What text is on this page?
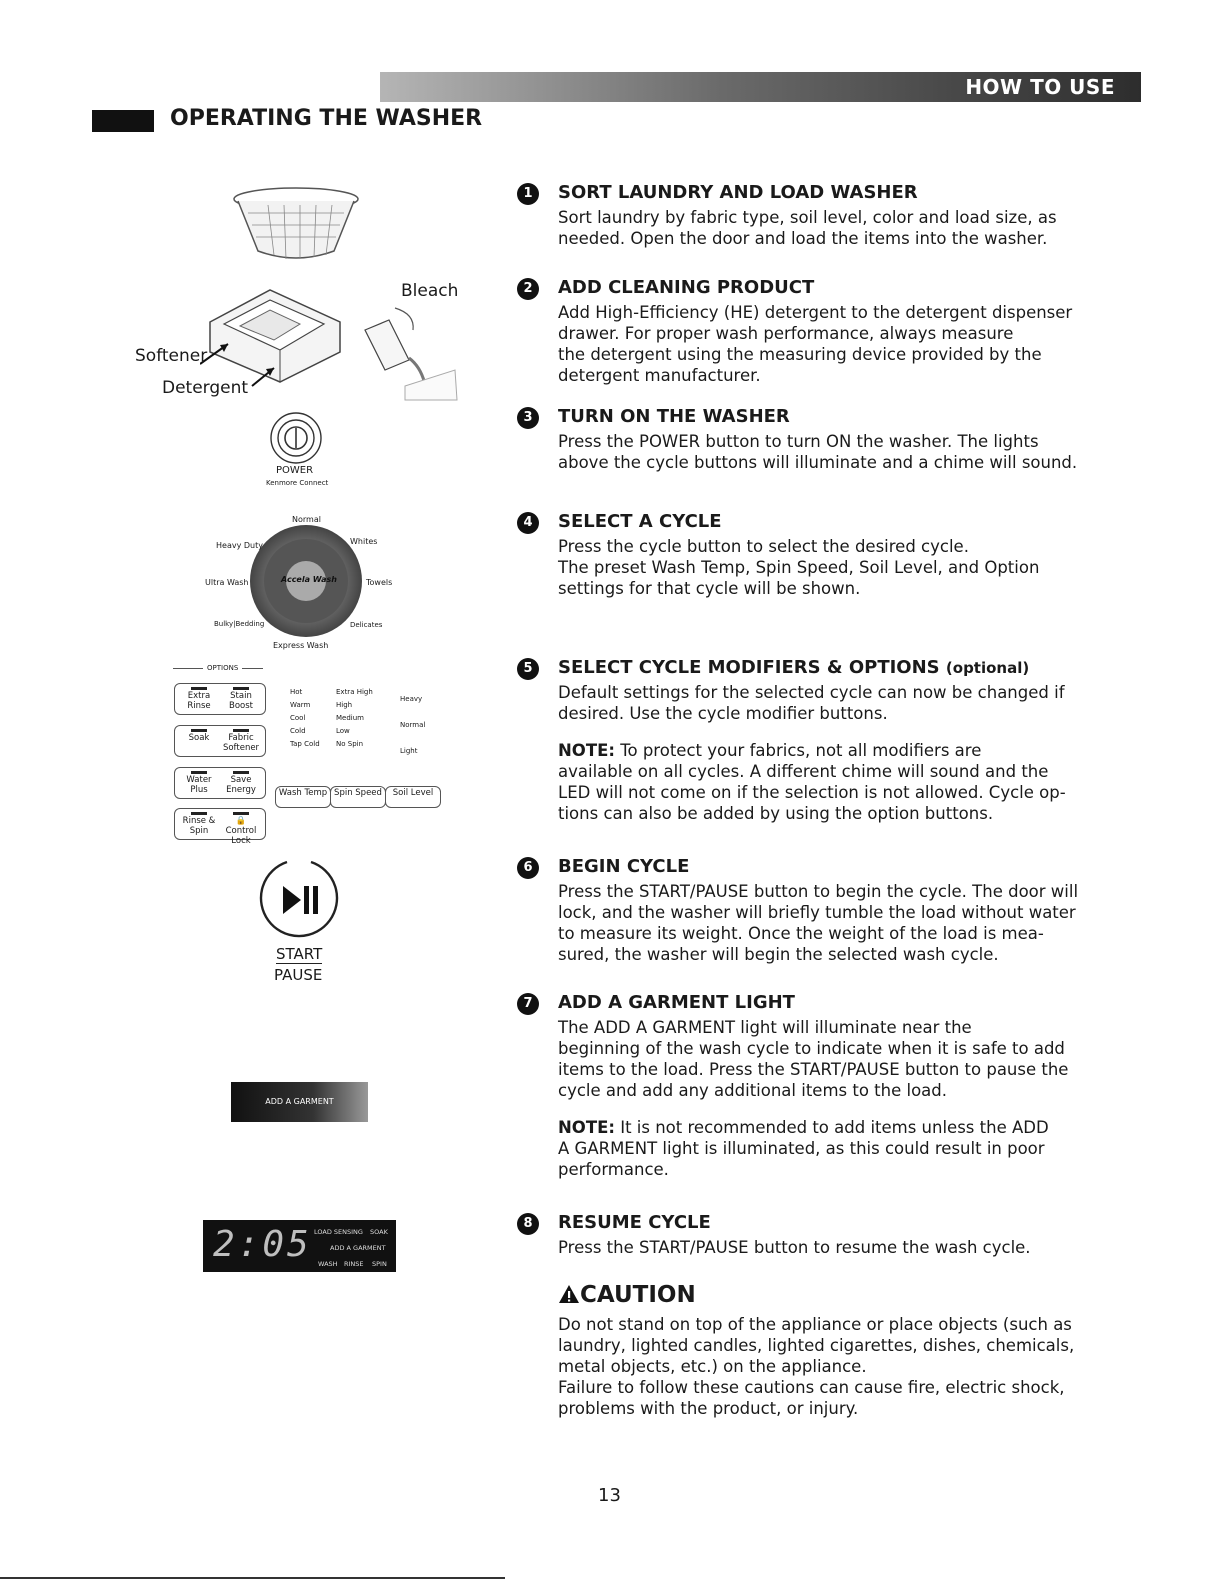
HOW TO USE
OPERATING THE WASHER
Softener
Detergent
Bleach
POWER
Kenmore Connect
Accela Wash
Normal
Heavy Duty	Whites
Ultra Wash	Towels
Bulky|Bedding	Delicates
Express Wash
OPTIONS
Extra Rinse
Stain Boost
Soak	Fabric Softener
Water Plus
Save Energy
Rinse & Spin
🔒Control Lock
Hot
Warm
Cool
Cold
Tap Cold
Extra High
High
Medium
Low
No Spin
Heavy
Normal
Light
Wash Temp Spin Speed	Soil Level
START
PAUSE
ADD A GARMENT
2:05 LOAD SENSING SOAK
ADD A GARMENT
WASH RINSE SPIN
1	SORT LAUNDRY AND LOAD WASHER

Sort laundry by fabric type, soil level, color and load size, as

needed. Open the door and load the items into the washer.

2	ADD CLEANING PRODUCT

Add High-Efficiency (HE) detergent to the detergent dispenser

drawer. For proper wash performance, always measure

the detergent using the measuring device provided by the

detergent manufacturer.

3	TURN ON THE WASHER

Press the POWER button to turn ON the washer. The lights

above the cycle buttons will illuminate and a chime will sound.

4	SELECT A CYCLE

Press the cycle button to select the desired cycle.

The preset Wash Temp, Spin Speed, Soil Level, and Option

settings for that cycle will be shown.

5	SELECT CYCLE MODIFIERS & OPTIONS (optional)

Default settings for the selected cycle can now be changed if

desired. Use the cycle modifier buttons.

NOTE: To protect your fabrics, not all modifiers are

available on all cycles. A different chime will sound and the

LED will not come on if the selection is not allowed. Cycle op-

tions can also be added by using the option buttons.

6	BEGIN CYCLE

Press the START/PAUSE button to begin the cycle. The door will

lock, and the washer will briefly tumble the load without water

to measure its weight. Once the weight of the load is mea-

sured, the washer will begin the selected wash cycle.

7	ADD A GARMENT LIGHT

The ADD A GARMENT light will illuminate near the

beginning of the wash cycle to indicate when it is safe to add

items to the load. Press the START/PAUSE button to pause the

cycle and add any additional items to the load.

NOTE: It is not recommended to add items unless the ADD

A GARMENT light is illuminated, as this could result in poor

performance.

8	RESUME CYCLE

Press the START/PAUSE button to resume the wash cycle.

CAUTION

Do not stand on top of the appliance or place objects (such as

laundry, lighted candles, lighted cigarettes, dishes, chemicals,

metal objects, etc.) on the appliance.

Failure to follow these cautions can cause fire, electric shock,

problems with the product, or injury.

13
